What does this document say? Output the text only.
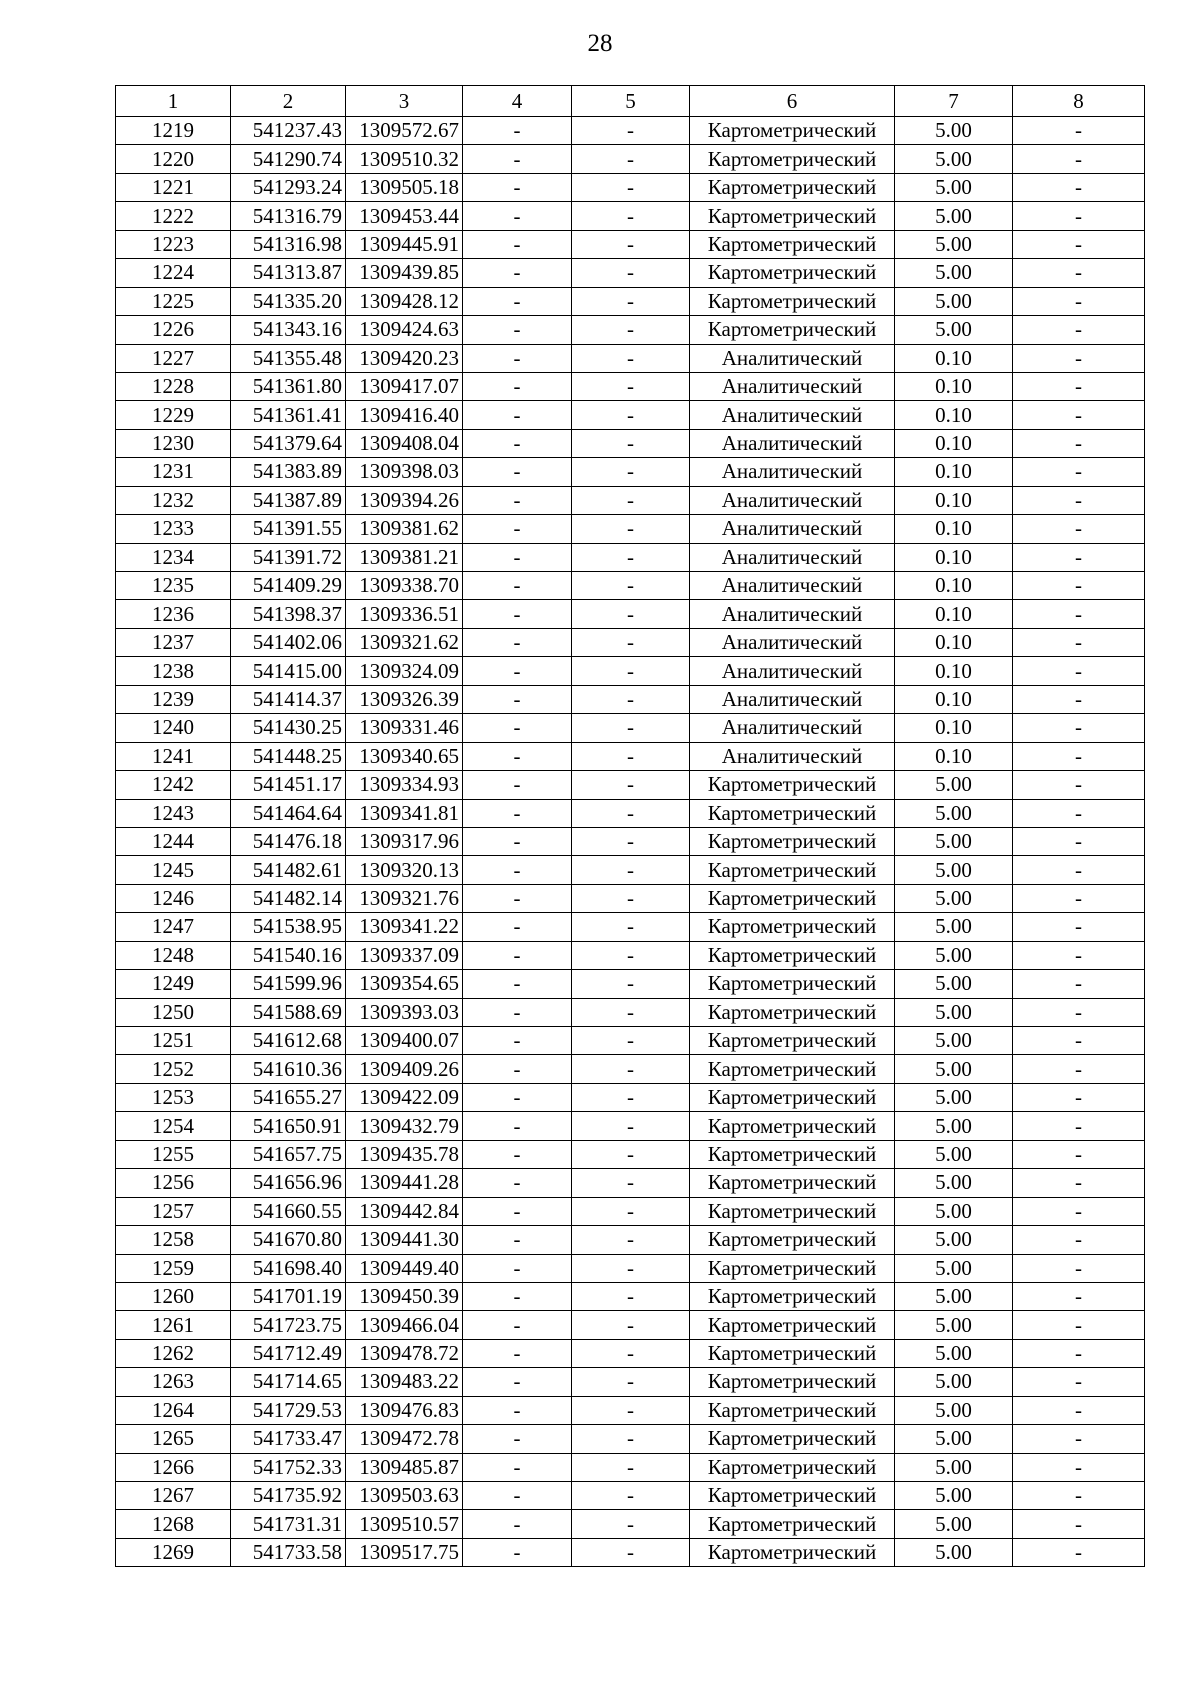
28
1	2	3	4	5	6	7	8
1219	541237.43	1309572.67	-	-	Картометрический	5.00	-
1220	541290.74	1309510.32	-	-	Картометрический	5.00	-
1221	541293.24	1309505.18	-	-	Картометрический	5.00	-
1222	541316.79	1309453.44	-	-	Картометрический	5.00	-
1223	541316.98	1309445.91	-	-	Картометрический	5.00	-
1224	541313.87	1309439.85	-	-	Картометрический	5.00	-
1225	541335.20	1309428.12	-	-	Картометрический	5.00	-
1226	541343.16	1309424.63	-	-	Картометрический	5.00	-
1227	541355.48	1309420.23	-	-	Аналитический	0.10	-
1228	541361.80	1309417.07	-	-	Аналитический	0.10	-
1229	541361.41	1309416.40	-	-	Аналитический	0.10	-
1230	541379.64	1309408.04	-	-	Аналитический	0.10	-
1231	541383.89	1309398.03	-	-	Аналитический	0.10	-
1232	541387.89	1309394.26	-	-	Аналитический	0.10	-
1233	541391.55	1309381.62	-	-	Аналитический	0.10	-
1234	541391.72	1309381.21	-	-	Аналитический	0.10	-
1235	541409.29	1309338.70	-	-	Аналитический	0.10	-
1236	541398.37	1309336.51	-	-	Аналитический	0.10	-
1237	541402.06	1309321.62	-	-	Аналитический	0.10	-
1238	541415.00	1309324.09	-	-	Аналитический	0.10	-
1239	541414.37	1309326.39	-	-	Аналитический	0.10	-
1240	541430.25	1309331.46	-	-	Аналитический	0.10	-
1241	541448.25	1309340.65	-	-	Аналитический	0.10	-
1242	541451.17	1309334.93	-	-	Картометрический	5.00	-
1243	541464.64	1309341.81	-	-	Картометрический	5.00	-
1244	541476.18	1309317.96	-	-	Картометрический	5.00	-
1245	541482.61	1309320.13	-	-	Картометрический	5.00	-
1246	541482.14	1309321.76	-	-	Картометрический	5.00	-
1247	541538.95	1309341.22	-	-	Картометрический	5.00	-
1248	541540.16	1309337.09	-	-	Картометрический	5.00	-
1249	541599.96	1309354.65	-	-	Картометрический	5.00	-
1250	541588.69	1309393.03	-	-	Картометрический	5.00	-
1251	541612.68	1309400.07	-	-	Картометрический	5.00	-
1252	541610.36	1309409.26	-	-	Картометрический	5.00	-
1253	541655.27	1309422.09	-	-	Картометрический	5.00	-
1254	541650.91	1309432.79	-	-	Картометрический	5.00	-
1255	541657.75	1309435.78	-	-	Картометрический	5.00	-
1256	541656.96	1309441.28	-	-	Картометрический	5.00	-
1257	541660.55	1309442.84	-	-	Картометрический	5.00	-
1258	541670.80	1309441.30	-	-	Картометрический	5.00	-
1259	541698.40	1309449.40	-	-	Картометрический	5.00	-
1260	541701.19	1309450.39	-	-	Картометрический	5.00	-
1261	541723.75	1309466.04	-	-	Картометрический	5.00	-
1262	541712.49	1309478.72	-	-	Картометрический	5.00	-
1263	541714.65	1309483.22	-	-	Картометрический	5.00	-
1264	541729.53	1309476.83	-	-	Картометрический	5.00	-
1265	541733.47	1309472.78	-	-	Картометрический	5.00	-
1266	541752.33	1309485.87	-	-	Картометрический	5.00	-
1267	541735.92	1309503.63	-	-	Картометрический	5.00	-
1268	541731.31	1309510.57	-	-	Картометрический	5.00	-
1269	541733.58	1309517.75	-	-	Картометрический	5.00	-
